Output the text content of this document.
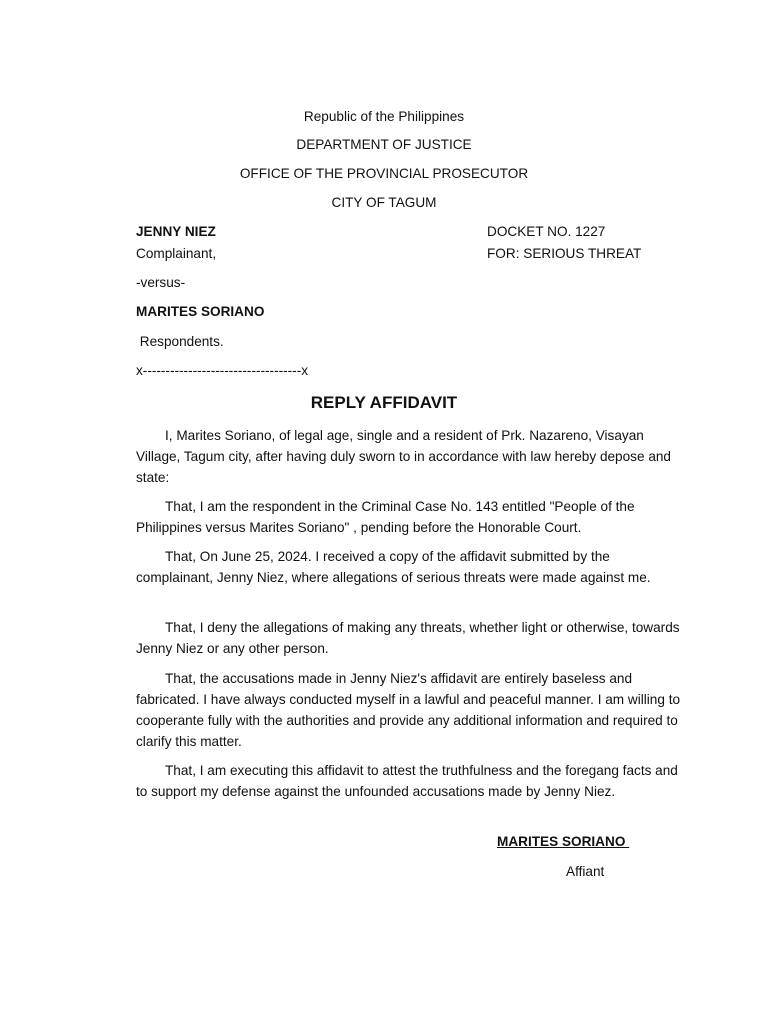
Republic of the Philippines
DEPARTMENT OF JUSTICE
OFFICE OF THE PROVINCIAL PROSECUTOR
CITY OF TAGUM
JENNY NIEZ	DOCKET NO. 1227
Complainant,	FOR: SERIOUS THREAT
-versus-
MARITES SORIANO
Respondents.
x-----------------------------------x
REPLY AFFIDAVIT
I, Marites Soriano, of legal age, single and a resident of Prk. Nazareno, Visayan Village, Tagum city, after having duly sworn to in accordance with law hereby depose and state:
That, I am the respondent in the Criminal Case No. 143 entitled "People of the Philippines versus Marites Soriano" , pending before the Honorable Court.
That, On June 25, 2024. I received a copy of the affidavit submitted by the complainant, Jenny Niez, where allegations of serious threats were made against me.
That, I deny the allegations of making any threats, whether light or otherwise, towards Jenny Niez or any other person.
That, the accusations made in Jenny Niez's affidavit are entirely baseless and fabricated. I have always conducted myself in a lawful and peaceful manner. I am willing to cooperante fully with the authorities and provide any additional information and required to clarify this matter.
That, I am executing this affidavit to attest the truthfulness and the foregang facts and to support my defense against the unfounded accusations made by Jenny Niez.
MARITES SORIANO
Affiant
